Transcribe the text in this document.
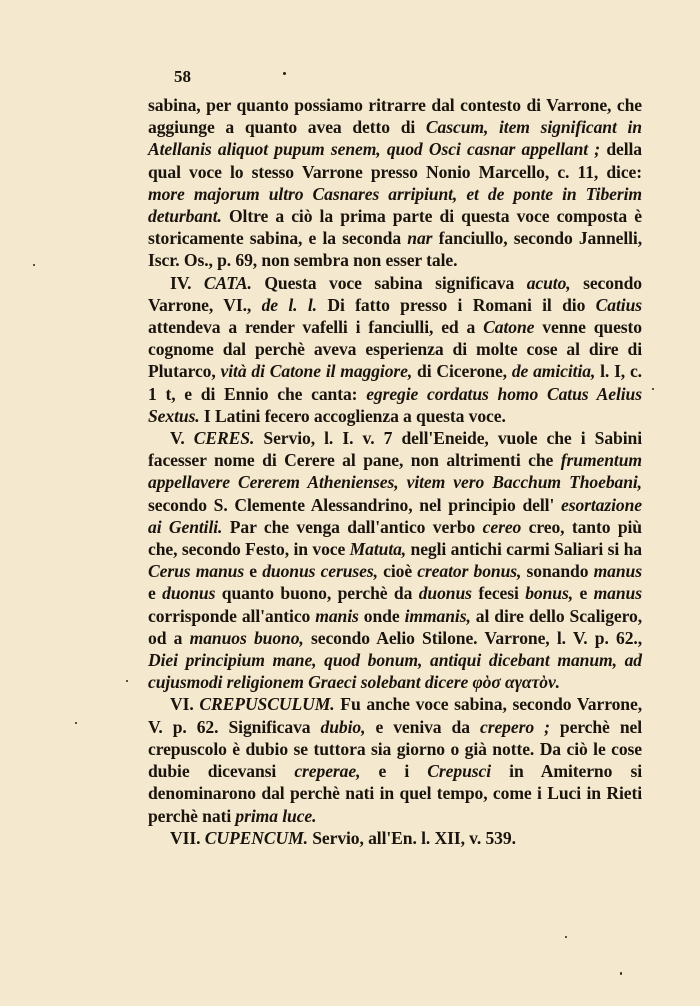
58

sabina, per quanto possiamo ritrarre dal contesto di Varrone, che aggiunge a quanto avea detto di Cascum, item significant in Atellanis aliquot pupum senem, quod Osci casnar appellant ; della qual voce lo stesso Varrone presso Nonio Marcello, c. 11, dice: more majorum ultro Casnares arripiunt, et de ponte in Tiberim deturbant. Oltre a ciò la prima parte di questa voce composta è storicamente sabina, e la seconda nar fanciullo, secondo Jannelli, Iscr. Os., p. 69, non sembra non esser tale.

IV. CATA. Questa voce sabina significava acuto, secondo Varrone, VI., de l. l. Di fatto presso i Romani il dio Catius attendeva a render vafelli i fanciulli, ed a Catone venne questo cognome dal perchè aveva esperienza di molte cose al dire di Plutarco, vità di Catone il maggiore, di Cicerone, de amicitia, l. I, c. 1 t, e di Ennio che canta: egregie cordatus homo Catus Aelius Sextus. I Latini fecero accoglienza a questa voce.

V. CERES. Servio, l. I. v. 7 dell'Eneide, vuole che i Sabini facesser nome di Cerere al pane, non altrimenti che frumentum appellavere Cererem Athenienses, vitem vero Bacchum Thoebani, secondo S. Clemente Alessandrino, nel principio dell' esortazione ai Gentili. Par che venga dall'antico verbo cereo creo, tanto più che, secondo Festo, in voce Matuta, negli antichi carmi Saliari si ha Cerus manus e duonus ceruses, cioè creator bonus, sonando manus e duonus quanto buono, perchè da duonus fecesi bonus, e manus corrisponde all'antico manis onde immanis, al dire dello Scaligero, od a manuos buono, secondo Aelio Stilone. Varrone, l. V. p. 62., Diei principium mane, quod bonum, antiqui dicebant manum, ad cujusmodi religionem Graeci solebant dicere φὸσ αγατὸν.

VI. CREPUSCULUM. Fu anche voce sabina, secondo Varrone, V. p. 62. Significava dubio, e veniva da crepero ; perchè nel crepuscolo è dubio se tuttora sia giorno o già notte. Da ciò le cose dubie dicevansi creperae, e i Crepusci in Amiterno si denominarono dal perchè nati in quel tempo, come i Luci in Rieti perchè nati prima luce.

VII. CUPENCUM. Servio, all'En. l. XII, v. 539.
